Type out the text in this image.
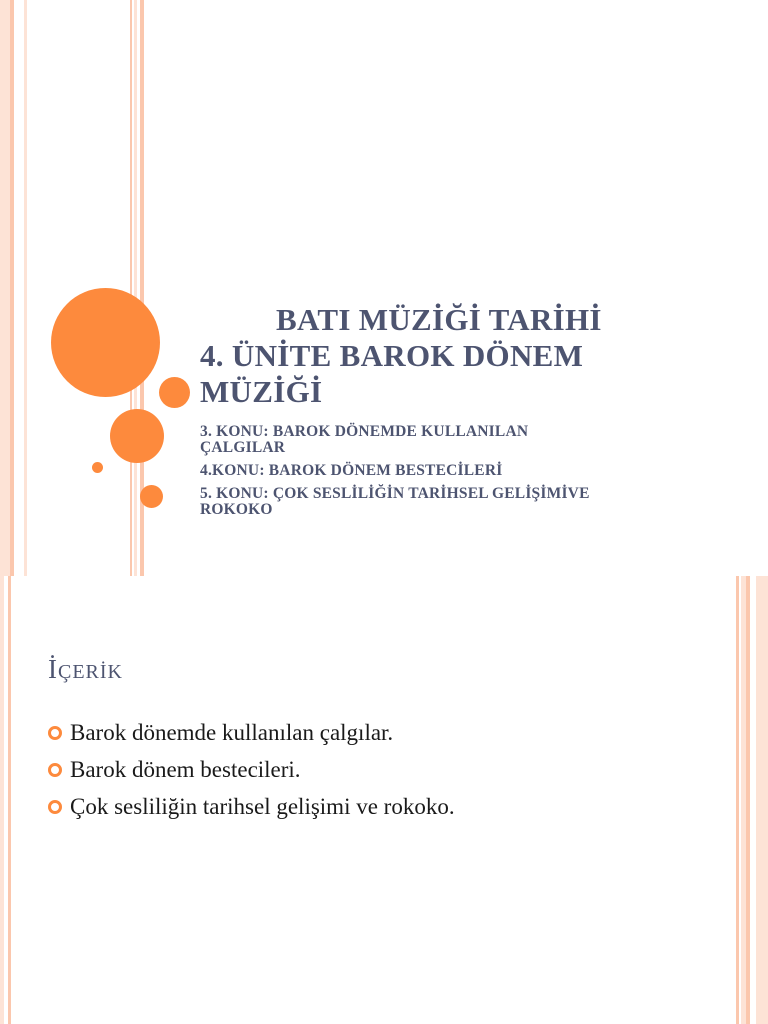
BATI MÜZİĞİ TARİHİ
4. ÜNİTE BAROK DÖNEM
MÜZİĞİ
3. KONU: BAROK DÖNEMDE KULLANILAN
ÇALGILAR
4.KONU: BAROK DÖNEM BESTECİLERİ
5. KONU: ÇOK SESLİLİĞİN TARİHSEL GELİŞİMİVE
ROKOKO
İÇERİK
Barok dönemde kullanılan çalgılar.
Barok dönem bestecileri.
Çok sesliliğin tarihsel gelişimi ve rokoko.
